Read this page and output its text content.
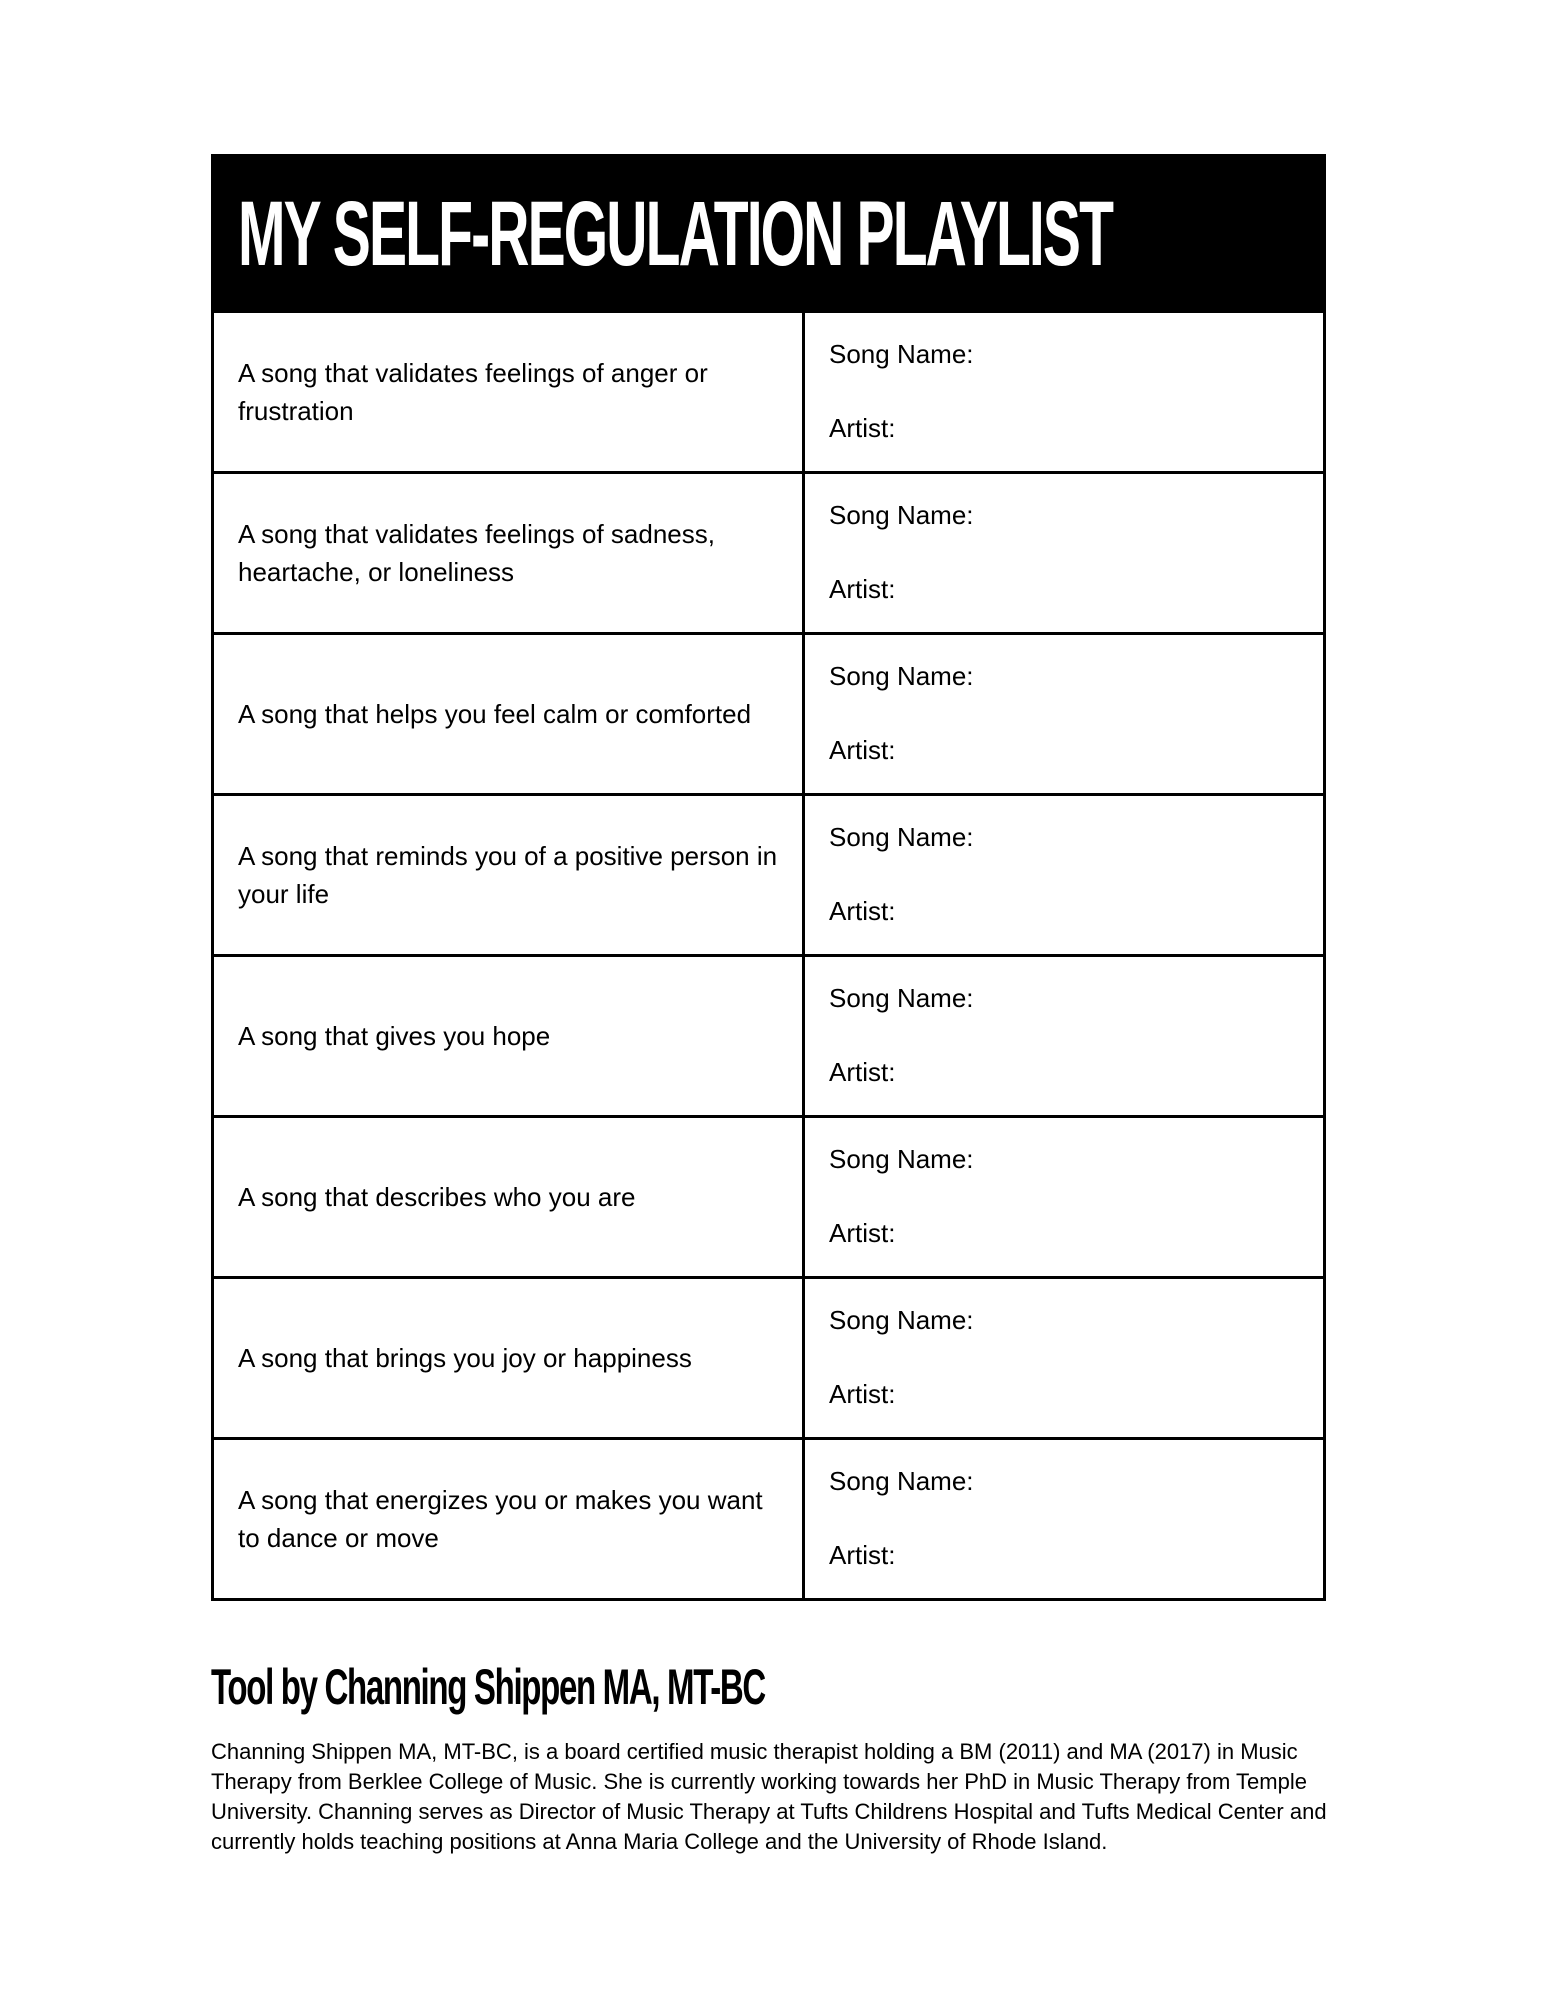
MY SELF-REGULATION PLAYLIST
A song that validates feelings of anger or frustration
Song Name:
Artist:
A song that validates feelings of sadness, heartache, or loneliness
Song Name:
Artist:
A song that helps you feel calm or comforted
Song Name:
Artist:
A song that reminds you of a positive person in your life
Song Name:
Artist:
A song that gives you hope
Song Name:
Artist:
A song that describes who you are
Song Name:
Artist:
A song that brings you joy or happiness
Song Name:
Artist:
A song that energizes you or makes you want to dance or move
Song Name:
Artist:
Tool by Channing Shippen MA, MT-BC
Channing Shippen MA, MT-BC, is a board certified music therapist holding a BM (2011) and MA (2017) in Music Therapy from Berklee College of Music. She is currently working towards her PhD in Music Therapy from Temple University. Channing serves as Director of Music Therapy at Tufts Childrens Hospital and Tufts Medical Center and currently holds teaching positions at Anna Maria College and the University of Rhode Island.
